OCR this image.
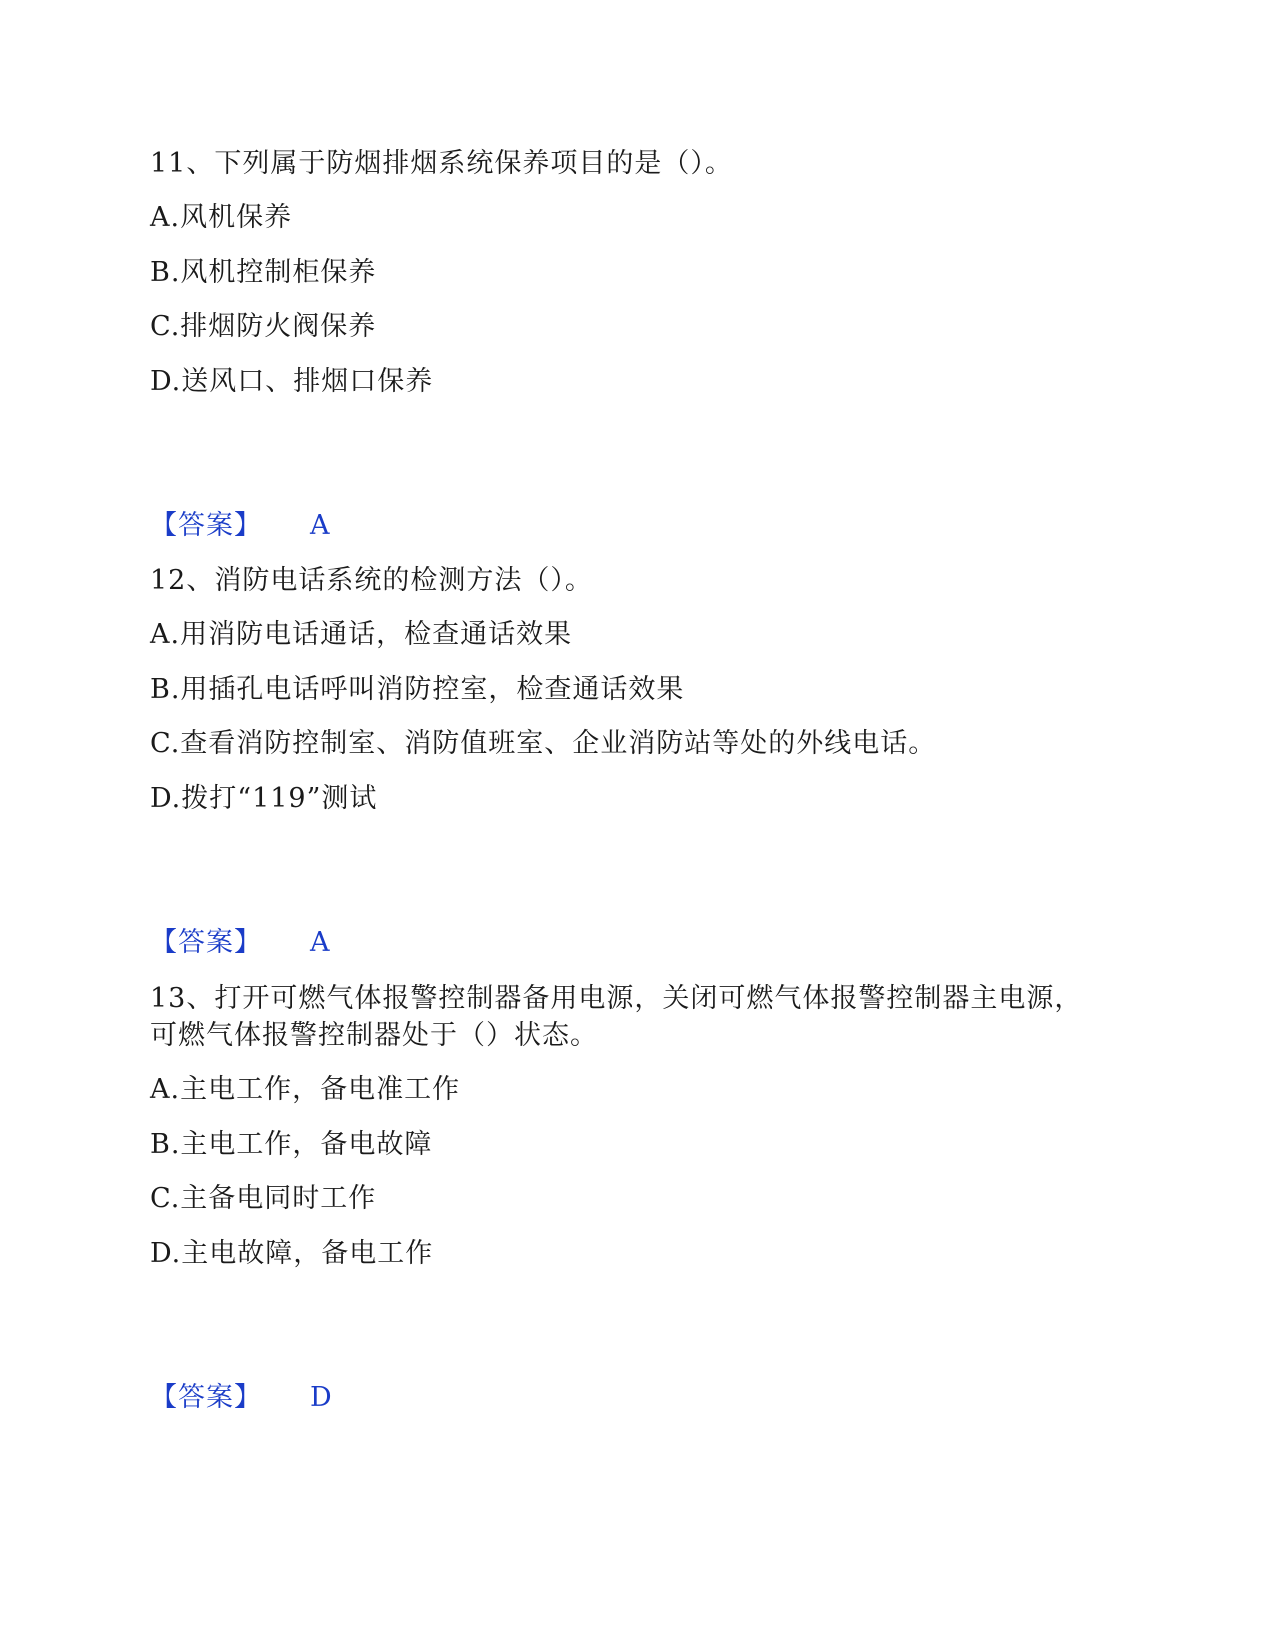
11、下列属于防烟排烟系统保养项目的是（）。
A.风机保养
B.风机控制柜保养
C.排烟防火阀保养
D.送风口、排烟口保养
【答案】 A
12、消防电话系统的检测方法（）。
A.用消防电话通话，检查通话效果
B.用插孔电话呼叫消防控室，检查通话效果
C.查看消防控制室、消防值班室、企业消防站等处的外线电话。
D.拨打“119”测试
【答案】 A
13、打开可燃气体报警控制器备用电源，关闭可燃气体报警控制器主电源，
可燃气体报警控制器处于（）状态。
A.主电工作，备电准工作
B.主电工作，备电故障
C.主备电同时工作
D.主电故障，备电工作
【答案】 D
